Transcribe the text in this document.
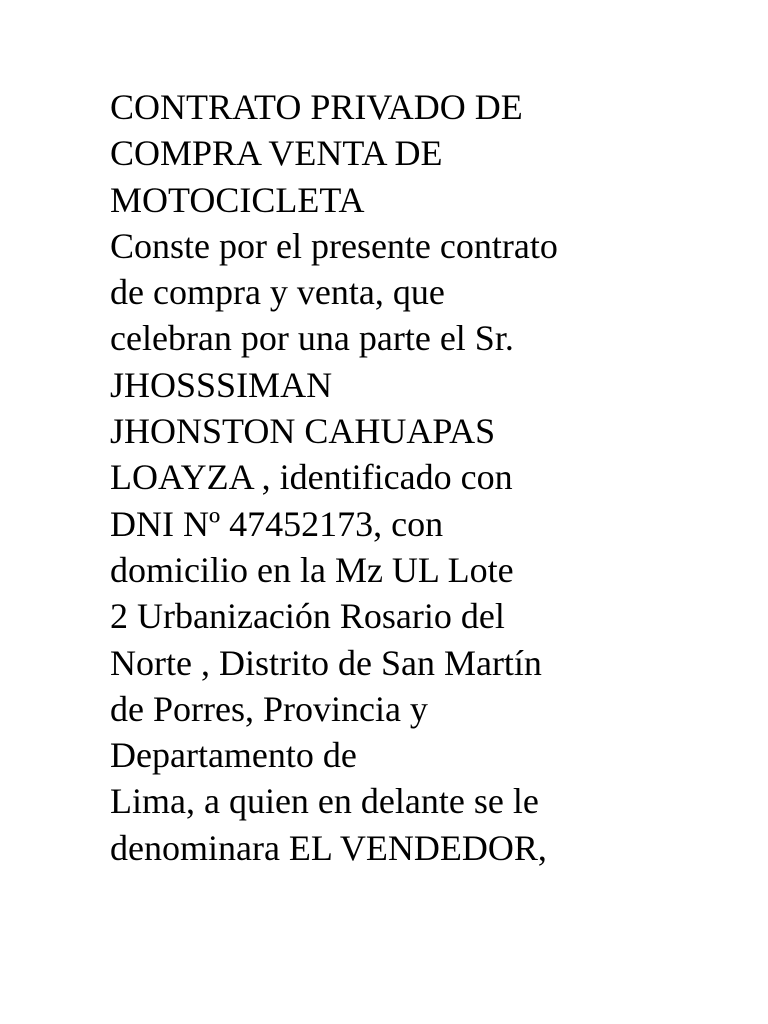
CONTRATO PRIVADO DE
COMPRA VENTA DE
MOTOCICLETA
Conste por el presente contrato
de compra y venta, que
celebran por una parte el Sr.
JHOSSSIMAN
JHONSTON CAHUAPAS
LOAYZA , identificado con
DNI Nº 47452173, con
domicilio en la Mz UL Lote
2 Urbanización Rosario del
Norte , Distrito de San Martín
de Porres, Provincia y
Departamento de
Lima, a quien en delante se le
denominara EL VENDEDOR,
